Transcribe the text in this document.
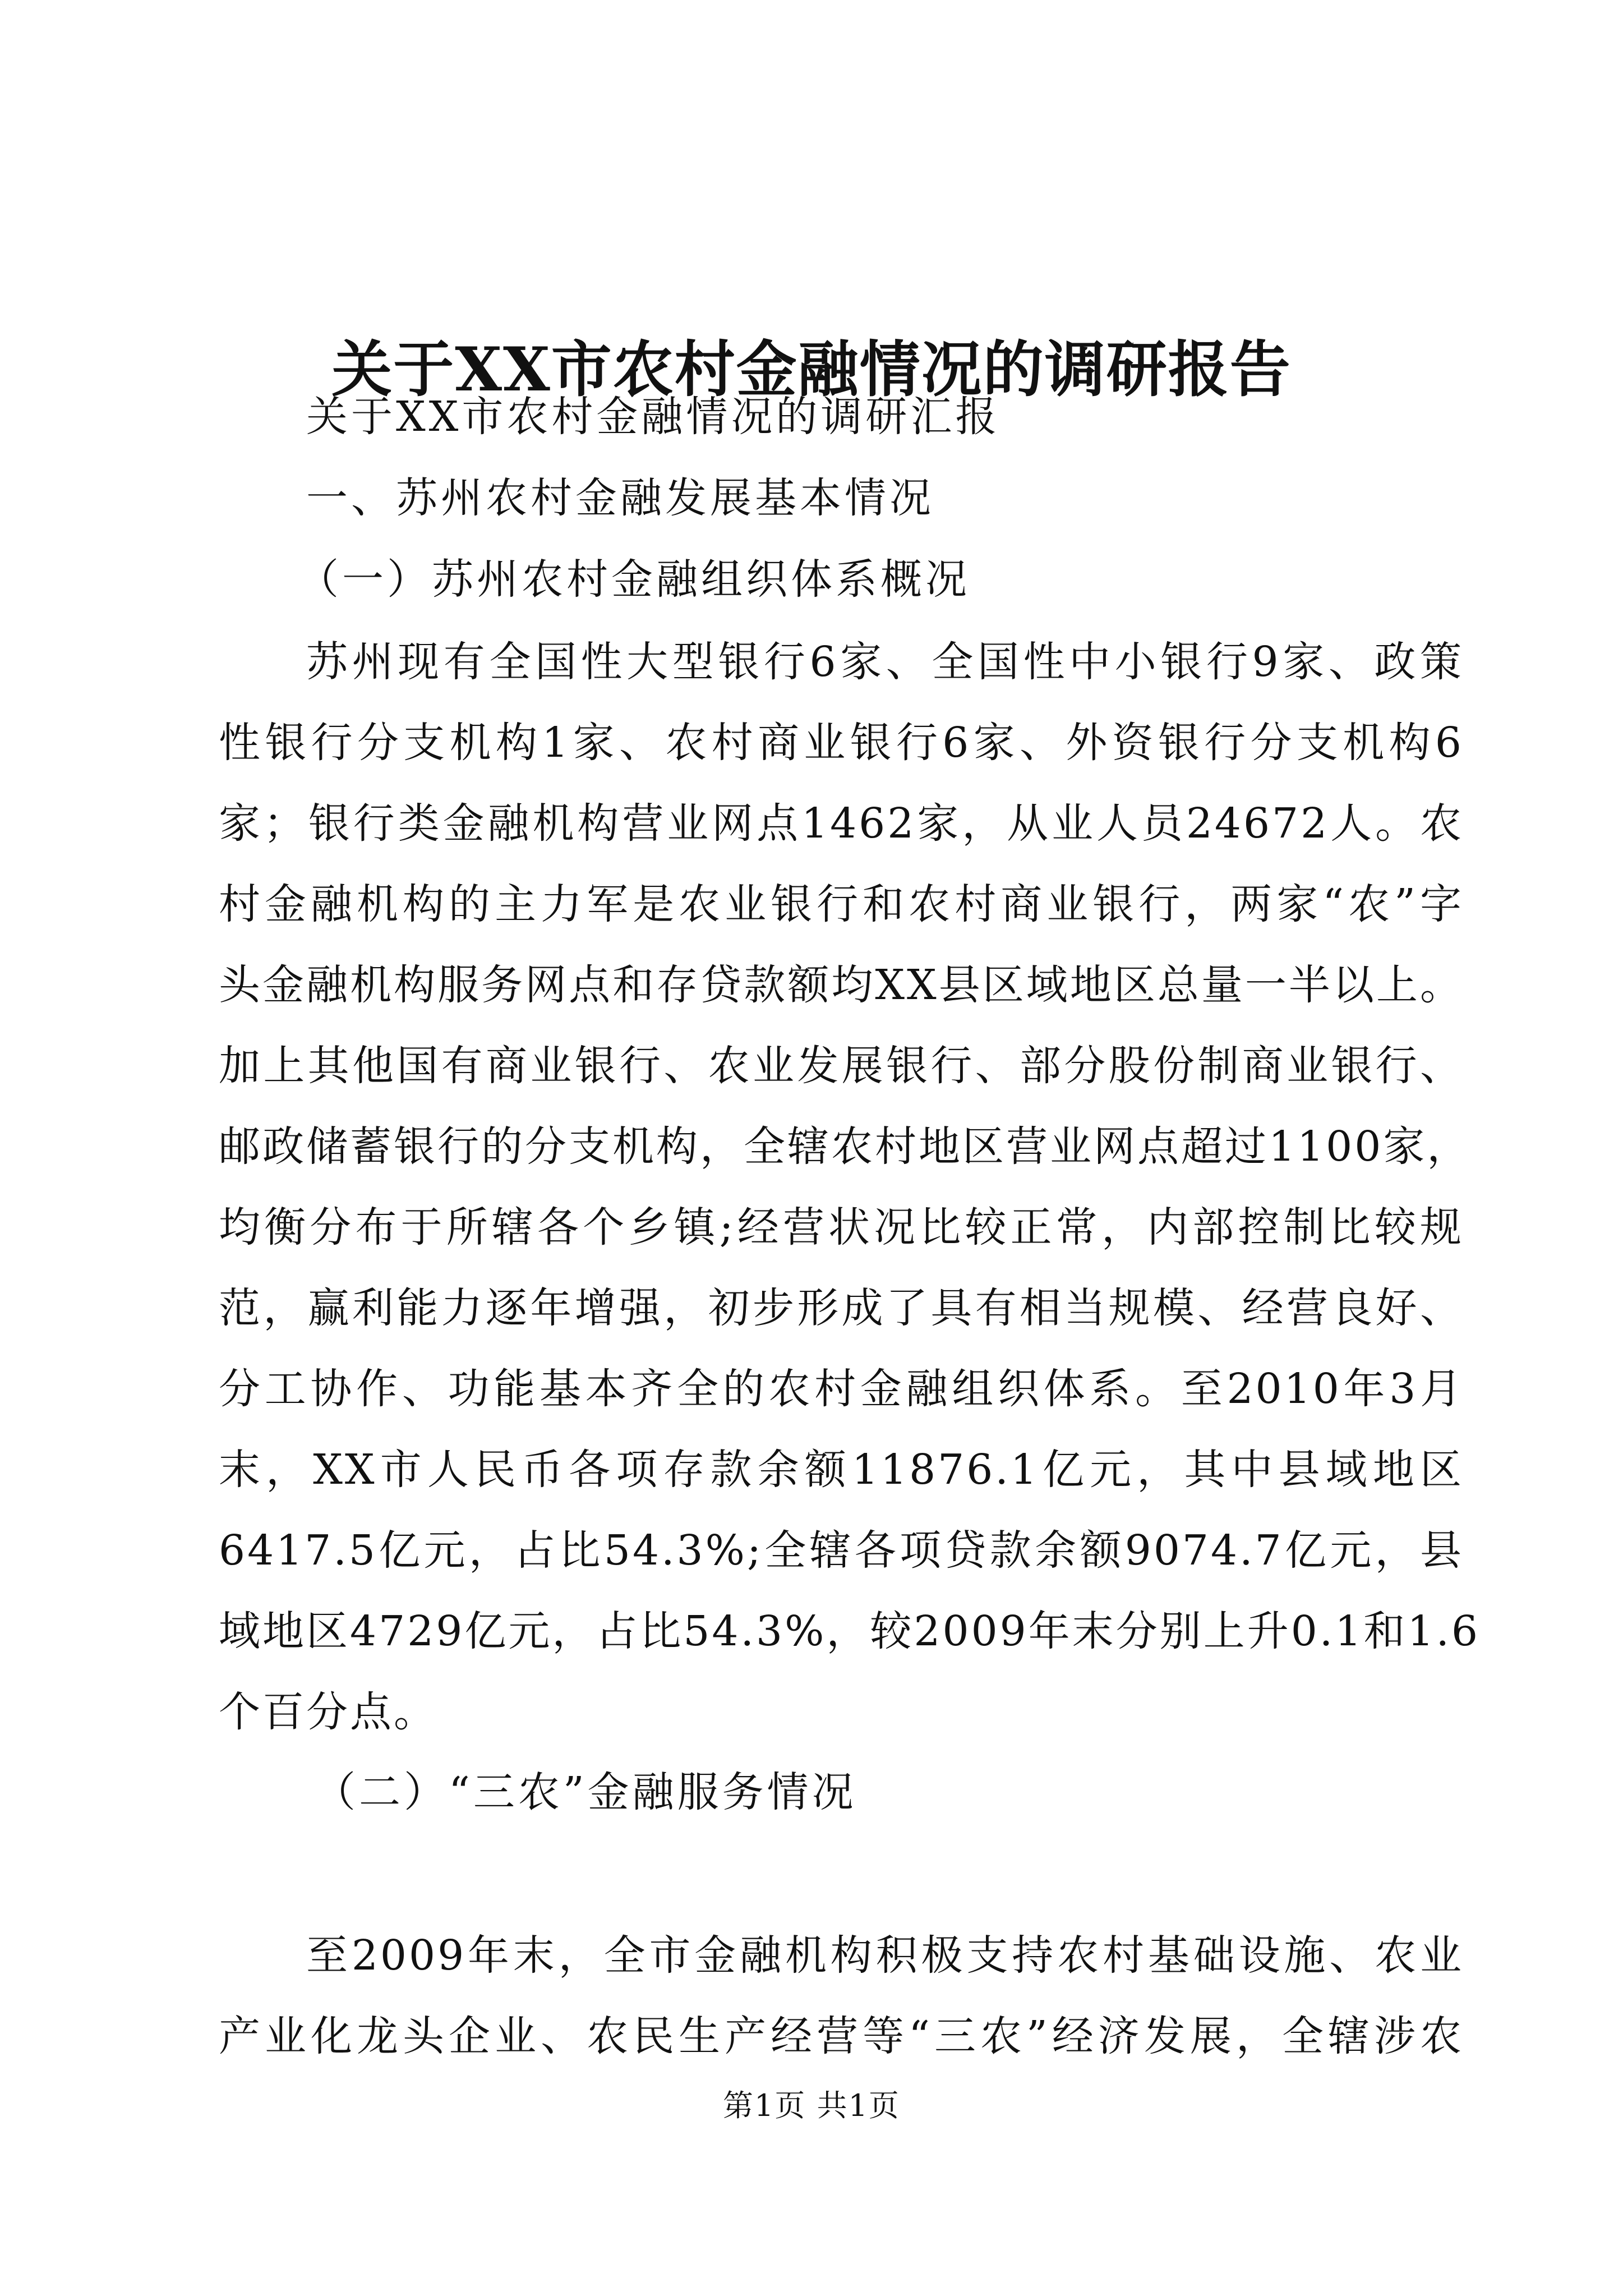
关于XX市农村金融情况的调研报告

关于XX市农村金融情况的调研汇报

一、苏州农村金融发展基本情况

（一）苏州农村金融组织体系概况

苏州现有全国性大型银行6家、全国性中小银行9家、政策
性银行分支机构1家、农村商业银行6家、外资银行分支机构6
家；银行类金融机构营业网点1462家，从业人员24672人。农
村金融机构的主力军是农业银行和农村商业银行，两家“农”字
头金融机构服务网点和存贷款额均XX县区域地区总量一半以上。
加上其他国有商业银行、农业发展银行、部分股份制商业银行、
邮政储蓄银行的分支机构，全辖农村地区营业网点超过1100家，
均衡分布于所辖各个乡镇;经营状况比较正常，内部控制比较规
范，赢利能力逐年增强，初步形成了具有相当规模、经营良好、
分工协作、功能基本齐全的农村金融组织体系。至2010年3月
末，XX市人民币各项存款余额11876.1亿元，其中县域地区
6417.5亿元，占比54.3%;全辖各项贷款余额9074.7亿元，县
域地区4729亿元，占比54.3%，较2009年末分别上升0.1和1.6
个百分点。

（二）“三农”金融服务情况

至2009年末，全市金融机构积极支持农村基础设施、农业
产业化龙头企业、农民生产经营等“三农”经济发展，全辖涉农
第1页 共1页
